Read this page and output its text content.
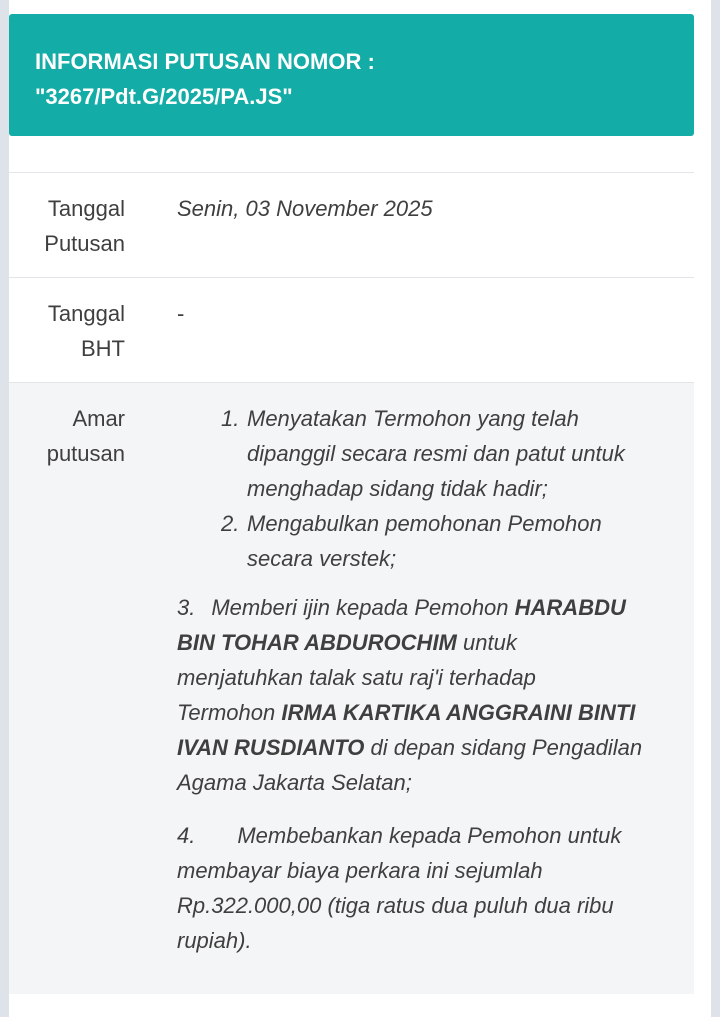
INFORMASI PUTUSAN NOMOR :
"3267/Pdt.G/2025/PA.JS"
Tanggal
Putusan
Senin, 03 November 2025
Tanggal
BHT
-
Amar
putusan
1. Menyatakan Termohon yang telah
dipanggil secara resmi dan patut untuk
menghadap sidang tidak hadir;
2. Mengabulkan pemohonan Pemohon
secara verstek;
3. Memberi ijin kepada Pemohon HARABDU
BIN TOHAR ABDUROCHIM untuk
menjatuhkan talak satu raj'i terhadap
Termohon IRMA KARTIKA ANGGRAINI BINTI
IVAN RUSDIANTO di depan sidang Pengadilan
Agama Jakarta Selatan;
4. Membebankan kepada Pemohon untuk
membayar biaya perkara ini sejumlah
Rp.322.000,00 (tiga ratus dua puluh dua ribu
rupiah).
